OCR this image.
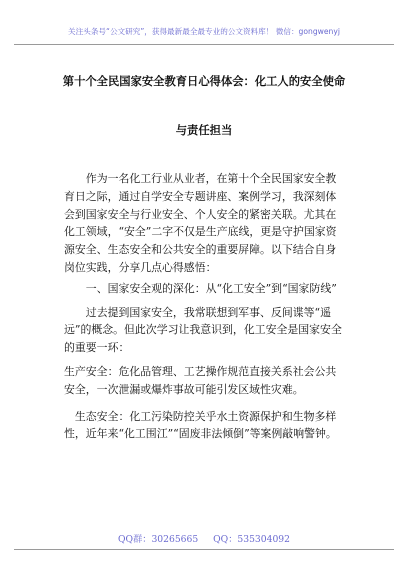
关注头条号“公文研究”，获得最新最全最专业的公文资料库！ 微信：gongwenyj
第十个全民国家安全教育日心得体会：化工人的安全使命
与责任担当

作为一名化工行业从业者，在第十个全民国家安全教育日之际，通过自学安全专题讲座、案例学习，我深刻体会到国家安全与行业安全、个人安全的紧密关联。尤其在化工领域，“安全”二字不仅是生产底线，更是守护国家资源安全、生态安全和公共安全的重要屏障。以下结合自身岗位实践，分享几点心得感悟：

一、国家安全观的深化：从“化工安全”到“国家防线”

过去提到国家安全，我常联想到军事、反间谍等“遥远”的概念。但此次学习让我意识到，化工安全是国家安全的重要一环：

生产安全：危化品管理、工艺操作规范直接关系社会公共安全，一次泄漏或爆炸事故可能引发区域性灾难。

生态安全：化工污染防控关乎水土资源保护和生物多样性，近年来“化工围江”“固废非法倾倒”等案例敲响警钟。

QQ群：30265665 QQ：535304092
